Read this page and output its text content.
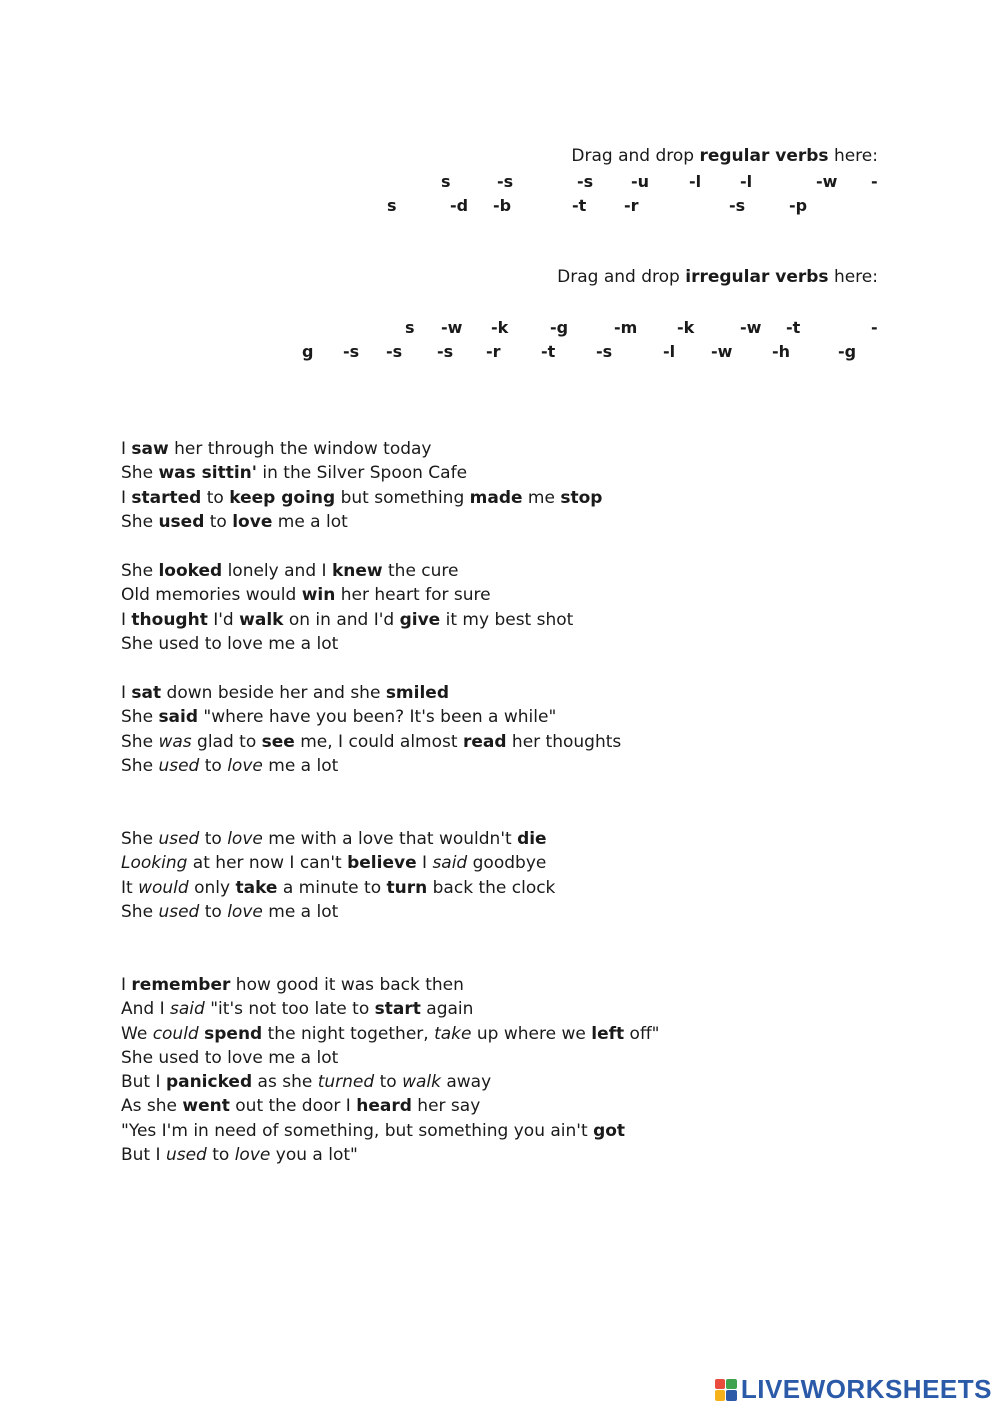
Drag and drop regular verbs here:
s	-s	-s -u -l -l	-w -
s	-d -b	-t -r	-s	-p
Drag and drop irregular verbs here:
s -w -k	-g	-m -k	-w -t	-
g -s -s -s -r	-t	-s	-l -w -h	-g
I saw her through the window today
She was sittin' in the Silver Spoon Cafe
I started to keep going but something made me stop
She used to love me a lot
She looked lonely and I knew the cure
Old memories would win her heart for sure
I thought I'd walk on in and I'd give it my best shot
She used to love me a lot
I sat down beside her and she smiled
She said "where have you been? It's been a while"
She was glad to see me, I could almost read her thoughts
She used to love me a lot
She used to love me with a love that wouldn't die
Looking at her now I can't believe I said goodbye
It would only take a minute to turn back the clock
She used to love me a lot
I remember how good it was back then
And I said "it's not too late to start again
We could spend the night together, take up where we left off"
She used to love me a lot
But I panicked as she turned to walk away
As she went out the door I heard her say
"Yes I'm in need of something, but something you ain't got
But I used to love you a lot"
LIVEWORKSHEETS
